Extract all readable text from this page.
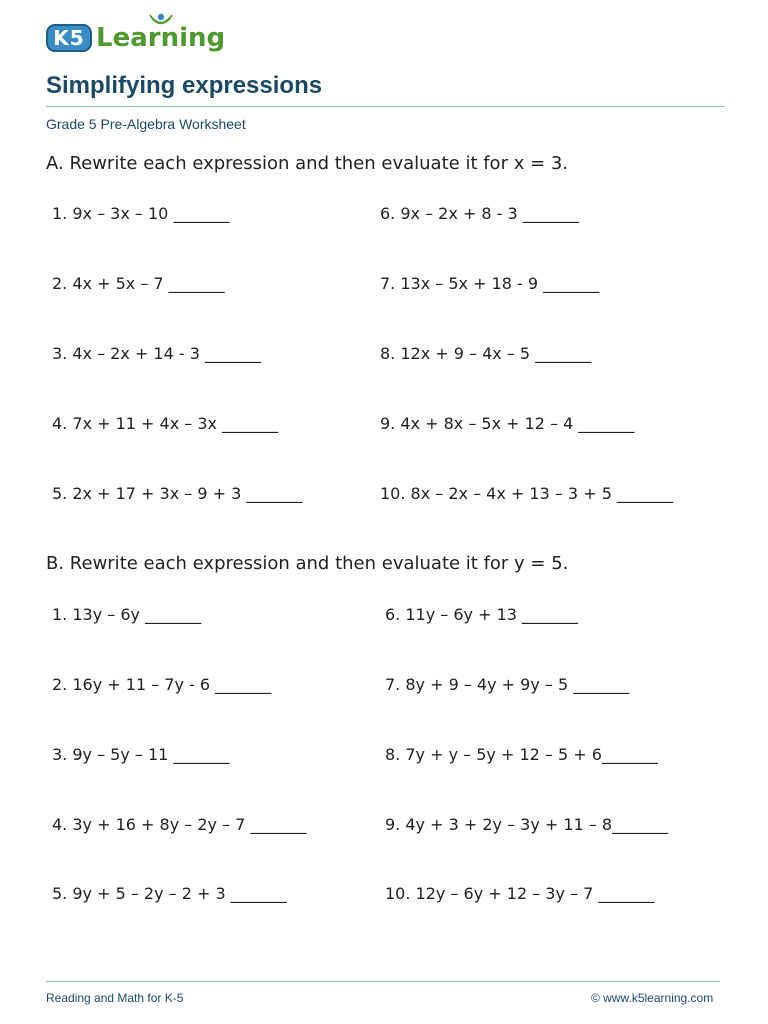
K5 Learning
Simplifying expressions
Grade 5 Pre-Algebra Worksheet
A. Rewrite each expression and then evaluate it for x = 3.
1. 9x – 3x – 10 _______
2. 4x + 5x – 7 _______
3. 4x – 2x + 14 - 3 _______
4. 7x + 11 + 4x – 3x _______
5. 2x + 17 + 3x – 9 + 3 _______
6. 9x – 2x + 8 - 3 _______
7. 13x – 5x + 18 - 9 _______
8. 12x + 9 – 4x – 5 _______
9. 4x + 8x – 5x + 12 – 4 _______
10. 8x – 2x – 4x + 13 – 3 + 5 _______
B. Rewrite each expression and then evaluate it for y = 5.
1. 13y – 6y _______
2. 16y + 11 – 7y - 6 _______
3. 9y – 5y – 11 _______
4. 3y + 16 + 8y – 2y – 7 _______
5. 9y + 5 – 2y – 2 + 3 _______
6. 11y – 6y + 13 _______
7. 8y + 9 – 4y + 9y – 5 _______
8. 7y + y – 5y + 12 – 5 + 6_______
9. 4y + 3 + 2y – 3y + 11 – 8_______
10. 12y – 6y + 12 – 3y – 7 _______
Reading and Math for K-5	© www.k5learning.com
